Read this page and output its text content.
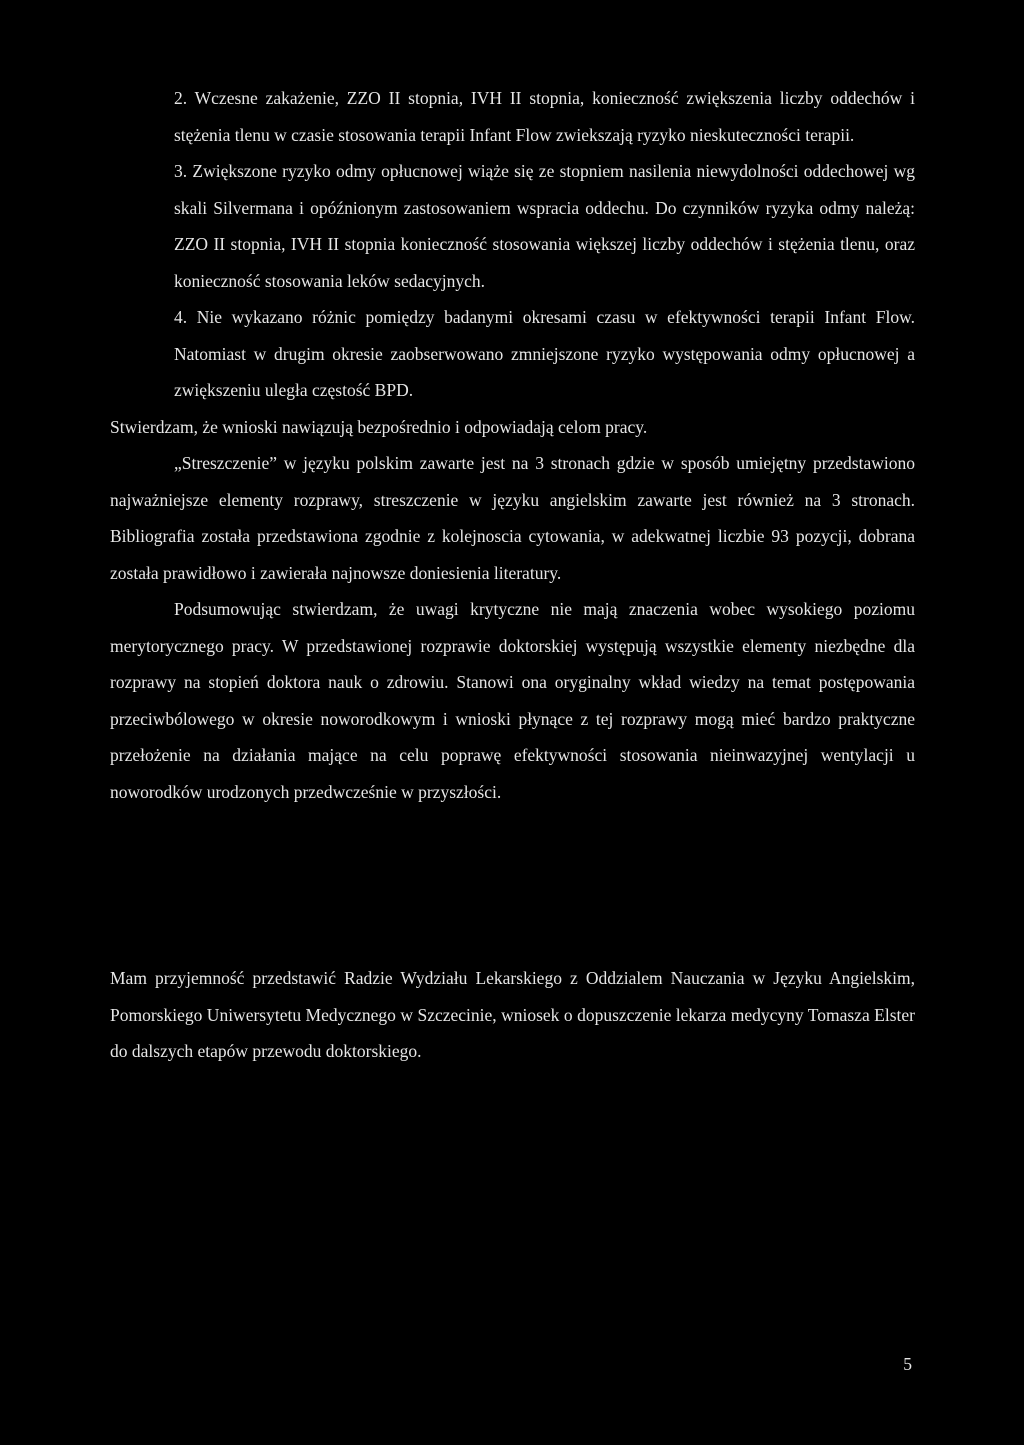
2. Wczesne zakażenie, ZZO II stopnia, IVH II stopnia, konieczność zwiększenia liczby oddechów i stężenia tlenu w czasie stosowania terapii Infant Flow zwiekszają ryzyko nieskuteczności terapii.

3. Zwiększone ryzyko odmy opłucnowej wiąże się ze stopniem nasilenia niewydolności oddechowej wg skali Silvermana i opóźnionym zastosowaniem wspracia oddechu. Do czynników ryzyka odmy należą: ZZO II stopnia, IVH II stopnia konieczność stosowania większej liczby oddechów i stężenia tlenu, oraz konieczność stosowania leków sedacyjnych.

4. Nie wykazano różnic pomiędzy badanymi okresami czasu w efektywności terapii Infant Flow. Natomiast w drugim okresie zaobserwowano zmniejszone ryzyko występowania odmy opłucnowej a zwiększeniu uległa częstość BPD.

Stwierdzam, że wnioski nawiązują bezpośrednio i odpowiadają celom pracy.

„Streszczenie” w języku polskim zawarte jest na 3 stronach gdzie w sposób umiejętny przedstawiono najważniejsze elementy rozprawy, streszczenie w języku angielskim zawarte jest również na 3 stronach. Bibliografia została przedstawiona zgodnie z kolejnoscia cytowania, w adekwatnej liczbie 93 pozycji, dobrana została prawidłowo i zawierała najnowsze doniesienia literatury.

Podsumowując stwierdzam, że uwagi krytyczne nie mają znaczenia wobec wysokiego poziomu merytorycznego pracy. W przedstawionej rozprawie doktorskiej występują wszystkie elementy niezbędne dla rozprawy na stopień doktora nauk o zdrowiu. Stanowi ona oryginalny wkład wiedzy na temat postępowania przeciwbólowego w okresie noworodkowym i wnioski płynące z tej rozprawy mogą mieć bardzo praktyczne przełożenie na działania mające na celu poprawę efektywności stosowania nieinwazyjnej wentylacji u noworodków urodzonych przedwcześnie w przyszłości.

Mam przyjemność przedstawić Radzie Wydziału Lekarskiego z Oddzialem Nauczania w Języku Angielskim, Pomorskiego Uniwersytetu Medycznego w Szczecinie, wniosek o dopuszczenie lekarza medycyny Tomasza Elster do dalszych etapów przewodu doktorskiego.

5
